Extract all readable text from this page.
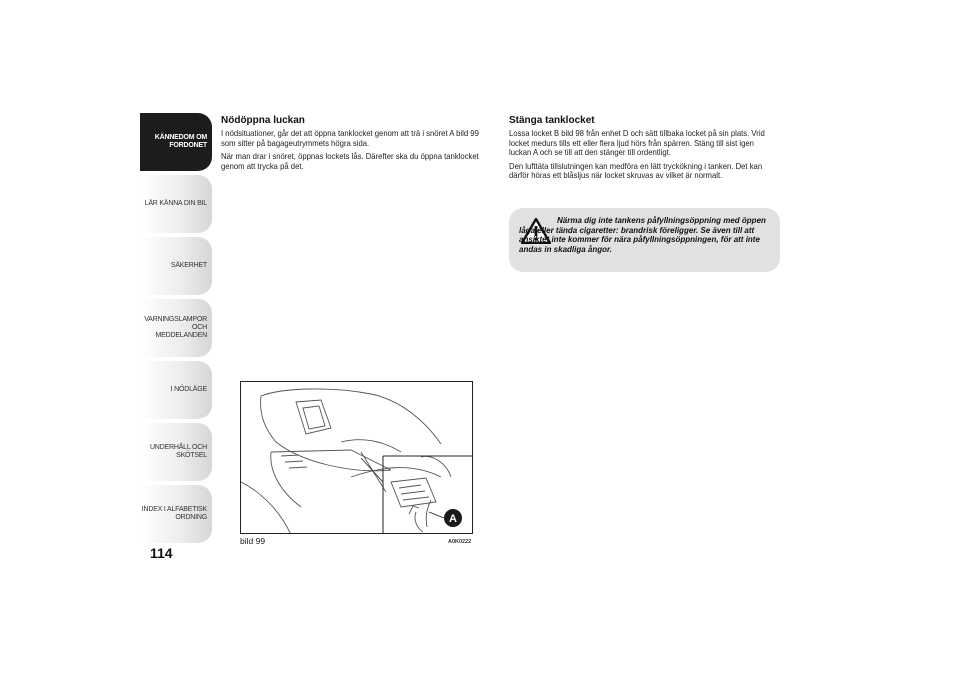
KÄNNEDOM OM FORDONET
LÄR KÄNNA DIN BIL
SÄKERHET
VARNINGSLAMPOR OCH MEDDELANDEN
I NÖDLÄGE
UNDERHÅLL OCH SKÖTSEL
INDEX I ALFABETISK ORDNING
114
Nödöppna luckan

I nödsituationer, går det att öppna tanklocket genom att trä i snöret A bild 99 som sitter på bagageutrymmets högra sida.

När man drar i snöret, öppnas lockets lås. Därefter ska du öppna tanklocket genom att trycka på det.

Stänga tanklocket

Lossa locket B bild 98 från enhet D och sätt tillbaka locket på sin plats. Vrid locket medurs tills ett eller flera ljud hörs från spärren. Stäng till sist igen luckan A och se till att den stänger till ordentligt.

Den lufttäta tillslutningen kan medföra en lätt tryckökning i tanken. Det kan därför höras ett blåsljus när locket skruvas av vilket är normalt.

Närma dig inte tankens påfyllningsöppning med öppen låga eller tända cigaretter: brandrisk föreligger. Se även till att ansiktet inte kommer för nära påfyllningsöppningen, för att inte andas in skadliga ångor.
A
bild 99	A0K0222
